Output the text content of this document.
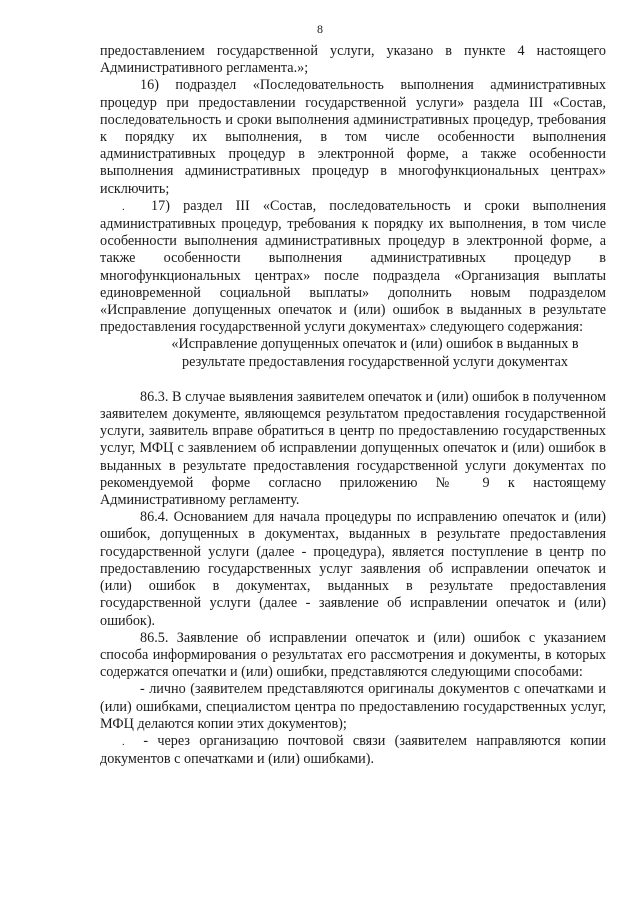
8

предоставлением государственной услуги, указано в пункте 4 настоящего Административного регламента.»;

16) подраздел «Последовательность выполнения административных процедур при предоставлении государственной услуги» раздела III «Состав, последовательность и сроки выполнения административных процедур, требования к порядку их выполнения, в том числе особенности выполнения административных процедур в электронной форме, а также особенности выполнения административных процедур в многофункциональных центрах» исключить;

. 17) раздел III «Состав, последовательность и сроки выполнения административных процедур, требования к порядку их выполнения, в том числе особенности выполнения административных процедур в электронной форме, а также особенности выполнения административных процедур в многофункциональных центрах» после подраздела «Организация выплаты единовременной социальной выплаты» дополнить новым подразделом «Исправление допущенных опечаток и (или) ошибок в выданных в результате предоставления государственной услуги документах» следующего содержания:

«Исправление допущенных опечаток и (или) ошибок в выданных в результате предоставления государственной услуги документах

86.3. В случае выявления заявителем опечаток и (или) ошибок в полученном заявителем документе, являющемся результатом предоставления государственной услуги, заявитель вправе обратиться в центр по предоставлению государственных услуг, МФЦ с заявлением об исправлении допущенных опечаток и (или) ошибок в выданных в результате предоставления государственной услуги документах по рекомендуемой форме согласно приложению № 9 к настоящему Административному регламенту.

86.4. Основанием для начала процедуры по исправлению опечаток и (или) ошибок, допущенных в документах, выданных в результате предоставления государственной услуги (далее - процедура), является поступление в центр по предоставлению государственных услуг заявления об исправлении опечаток и (или) ошибок в документах, выданных в результате предоставления государственной услуги (далее - заявление об исправлении опечаток и (или) ошибок).

86.5. Заявление об исправлении опечаток и (или) ошибок с указанием способа информирования о результатах его рассмотрения и документы, в которых содержатся опечатки и (или) ошибки, представляются следующими способами:

- лично (заявителем представляются оригиналы документов с опечатками и (или) ошибками, специалистом центра по предоставлению государственных услуг, МФЦ делаются копии этих документов);

. - через организацию почтовой связи (заявителем направляются копии документов с опечатками и (или) ошибками).
